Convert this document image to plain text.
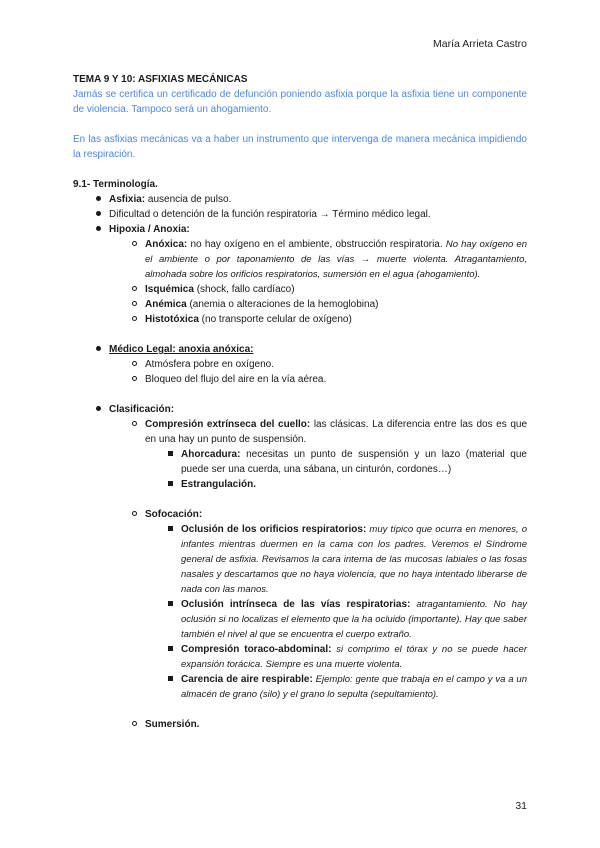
María Arrieta Castro

TEMA 9 Y 10: ASFIXIAS MECÁNICAS

Jamás se certifica un certificado de defunción poniendo asfixia porque la asfixia tiene un componente de violencia. Tampoco será un ahogamiento.

En las asfixias mecánicas va a haber un instrumento que intervenga de manera mecánica impidiendo la respiración.

9.1- Terminología.

Asfixia: ausencia de pulso.
Dificultad o detención de la función respiratoria → Término médico legal.
Hipoxia / Anoxia:
Anóxica: no hay oxígeno en el ambiente, obstrucción respiratoria. No hay oxígeno en el ambiente o por taponamiento de las vías → muerte violenta. Atragantamiento, almohada sobre los orificios respiratorios, sumersión en el agua (ahogamiento).
Isquémica (shock, fallo cardíaco)
Anémica (anemia o alteraciones de la hemoglobina)
Histotóxica (no transporte celular de oxígeno)
Médico Legal: anoxia anóxica:
Atmósfera pobre en oxígeno.
Bloqueo del flujo del aire en la vía aérea.
Clasificación:
Compresión extrínseca del cuello: las clásicas. La diferencia entre las dos es que en una hay un punto de suspensión.
Ahorcadura: necesitas un punto de suspensión y un lazo (material que puede ser una cuerda, una sábana, un cinturón, cordones…)
Estrangulación.
Sofocación:
Oclusión de los orificios respiratorios: muy típico que ocurra en menores, o infantes mientras duermen en la cama con los padres. Veremos el Síndrome general de asfixia. Revisamos la cara interna de las mucosas labiales o las fosas nasales y descartamos que no haya violencia, que no haya intentado liberarse de nada con las manos.
Oclusión intrínseca de las vías respiratorias: atragantamiento. No hay oclusión si no localizas el elemento que la ha ocluido (importante). Hay que saber también el nivel al que se encuentra el cuerpo extraño.
Compresión toraco-abdominal: si comprimo el tórax y no se puede hacer expansión torácica. Siempre es una muerte violenta.
Carencia de aire respirable: Ejemplo: gente que trabaja en el campo y va a un almacén de grano (silo) y el grano lo sepulta (sepultamiento).
Sumersión.
31
